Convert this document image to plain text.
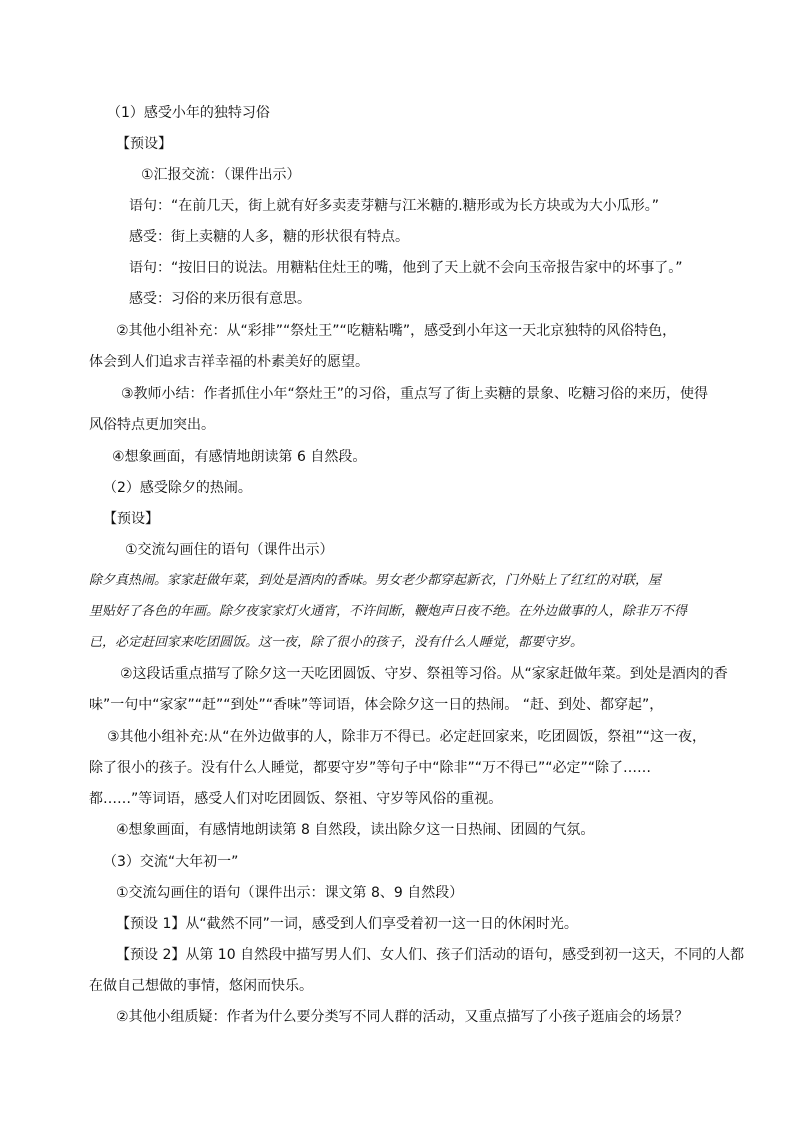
（1）感受小年的独特习俗
【预设】
①汇报交流：（课件出示）
语句：“在前几天，街上就有好多卖麦芽糖与江米糖的.糖形或为长方块或为大小瓜形。”
感受：街上卖糖的人多，糖的形状很有特点。
语句：“按旧日的说法。用糖粘住灶王的嘴，他到了天上就不会向玉帝报告家中的坏事了。”
感受：习俗的来历很有意思。
②其他小组补充：从“彩排”“祭灶王”“吃糖粘嘴”，感受到小年这一天北京独特的风俗特色，
体会到人们追求吉祥幸福的朴素美好的愿望。
③教师小结：作者抓住小年“祭灶王”的习俗，重点写了街上卖糖的景象、吃糖习俗的来历，使得
风俗特点更加突出。
④想象画面，有感情地朗读第 6 自然段。
（2）感受除夕的热闹。
【预设】
①交流勾画住的语句（课件出示）
除夕真热闹。家家赶做年菜，到处是酒肉的香味。男女老少都穿起新衣，门外贴上了红红的对联，屋
里贴好了各色的年画。除夕夜家家灯火通宵，不许间断，鞭炮声日夜不绝。在外边做事的人，除非万不得
已，必定赶回家来吃团圆饭。这一夜，除了很小的孩子，没有什么人睡觉，都要守岁。
②这段话重点描写了除夕这一天吃团圆饭、守岁、祭祖等习俗。从“家家赶做年菜。到处是酒肉的香
味”一句中“家家”“赶”“到处”“香味”等词语，体会除夕这一日的热闹。 “赶、到处、都穿起”，
③其他小组补充:从“在外边做事的人，除非万不得已。必定赶回家来，吃团圆饭，祭祖”“这一夜，
除了很小的孩子。没有什么人睡觉，都要守岁”等句子中“除非”“万不得已”“必定”“除了……
都……”等词语，感受人们对吃团圆饭、祭祖、守岁等风俗的重视。
④想象画面，有感情地朗读第 8 自然段，读出除夕这一日热闹、团圆的气氛。
（3）交流“大年初一”
①交流勾画住的语句（课件出示：课文第 8、9 自然段）
【预设 1】从“截然不同”一词，感受到人们享受着初一这一日的休闲时光。
【预设 2】从第 10 自然段中描写男人们、女人们、孩子们活动的语句，感受到初一这天，不同的人都
在做自己想做的事情，悠闲而快乐。
②其他小组质疑：作者为什么要分类写不同人群的活动，又重点描写了小孩子逛庙会的场景？
